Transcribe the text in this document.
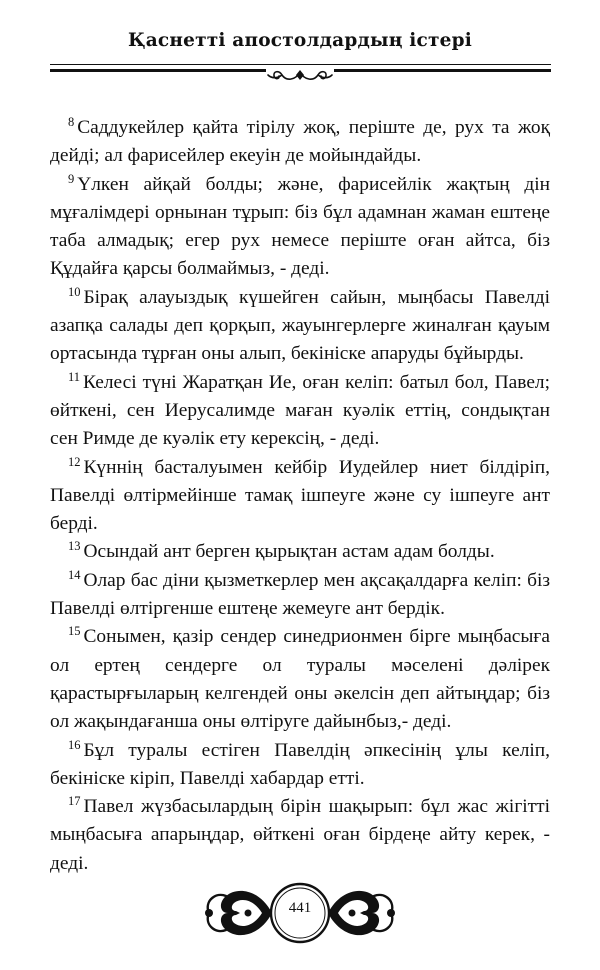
Қаснетті апостолдардың істері

$^8$ Саддукейлер қайта тірілу жоқ, періште де, рух та жоқ дейді; ал фарисейлер екеуін де мойындайды.

$^9$ Үлкен айқай болды; және, фарисейлік жақтың дін мұғалімдері орнынан тұрып: біз бұл адамнан жаман ештеңе таба алмадық; егер рух немесе періште оған айтса, біз Құдайға қарсы болмаймыз, - деді.

$^{10}$ Бірақ алауыздық күшейген сайын, мыңбасы Павелді азапқа салады деп қорқып, жауынгерлерге жиналған қауым ортасында тұрған оны алып, бекініске апаруды бұйырды.

$^{11}$ Келесі түні Жаратқан Ие, оған келіп: батыл бол, Павел; өйткені, сен Иерусалимде маған куәлік еттің, сондықтан сен Римде де куәлік ету керексің, - деді.

$^{12}$ Күннің басталуымен кейбір Иудейлер ниет білдіріп, Павелді өлтірмейінше тамақ ішпеуге және су ішпеуге ант берді.

$^{13}$ Осындай ант берген қырықтан астам адам болды.

$^{14}$ Олар бас діни қызметкерлер мен ақсақалдарға келіп: біз Павелді өлтіргенше ештеңе жемеуге ант бердік.

$^{15}$ Сонымен, қазір сендер синедрионмен бірге мыңбасыға ол ертең сендерге ол туралы мәселені дәлірек қарастырғыларың келгендей оны әкелсін деп айтыңдар; біз ол жақындағанша оны өлтіруге дайынбыз,- деді.

$^{16}$ Бұл туралы естіген Павелдің әпкесінің ұлы келіп, бекініске кіріп, Павелді хабардар етті.

$^{17}$ Павел жүзбасылардың бірін шақырып: бұл жас жігітті мыңбасыға апарыңдар, өйткені оған бірдеңе айту керек, - деді.

441
